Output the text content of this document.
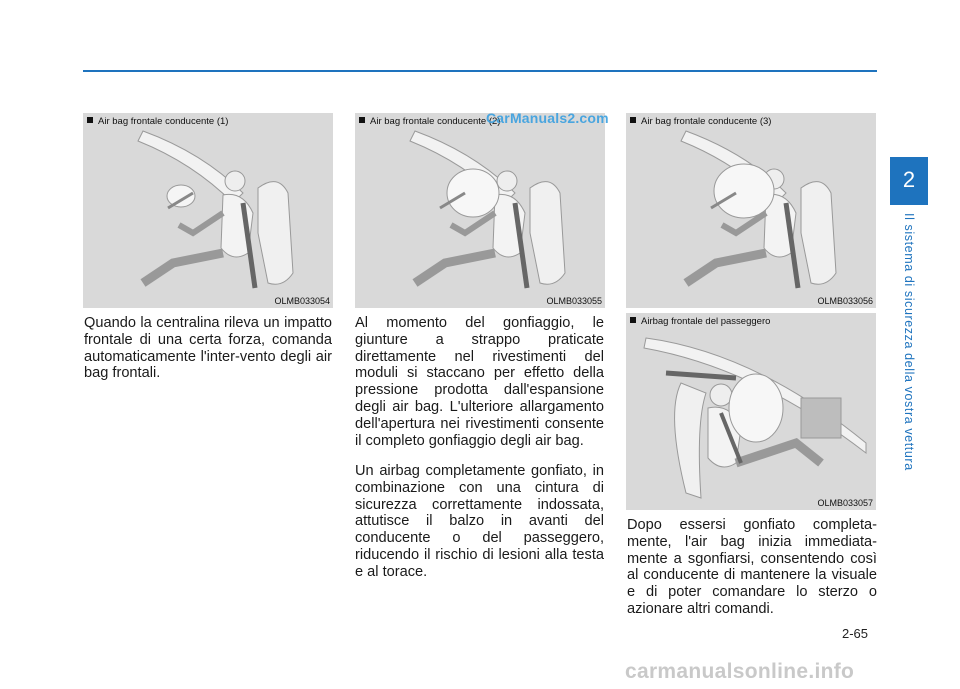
Air bag frontale conducente (1)
OLMB033054
Air bag frontale conducente (2)
OLMB033055
Air bag frontale conducente (3)
OLMB033056
Airbag frontale del passeggero
OLMB033057
CarManuals2.com

Quando la centralina rileva un impatto frontale di una certa forza, comanda automaticamente l'inter-vento degli air bag frontali.

Al momento del gonfiaggio, le giunture a strappo praticate direttamente nel rivestimenti del moduli si staccano per effetto della pressione prodotta dall'espansione degli air bag. L'ulteriore allargamento dell'apertura nei rivestimenti consente il completo gonfiaggio degli air bag.

Un airbag completamente gonfiato, in combinazione con una cintura di sicurezza correttamente indossata, attutisce il balzo in avanti del conducente o del passeggero, riducendo il rischio di lesioni alla testa e al torace.

Dopo essersi gonfiato completa-mente, l'air bag inizia immediata-mente a sgonfiarsi, consentendo così al conducente di mantenere la visuale e di poter comandare lo sterzo o azionare altri comandi.

2
Il sistema di sicurezza della vostra vettura
2-65
carmanualsonline.info
